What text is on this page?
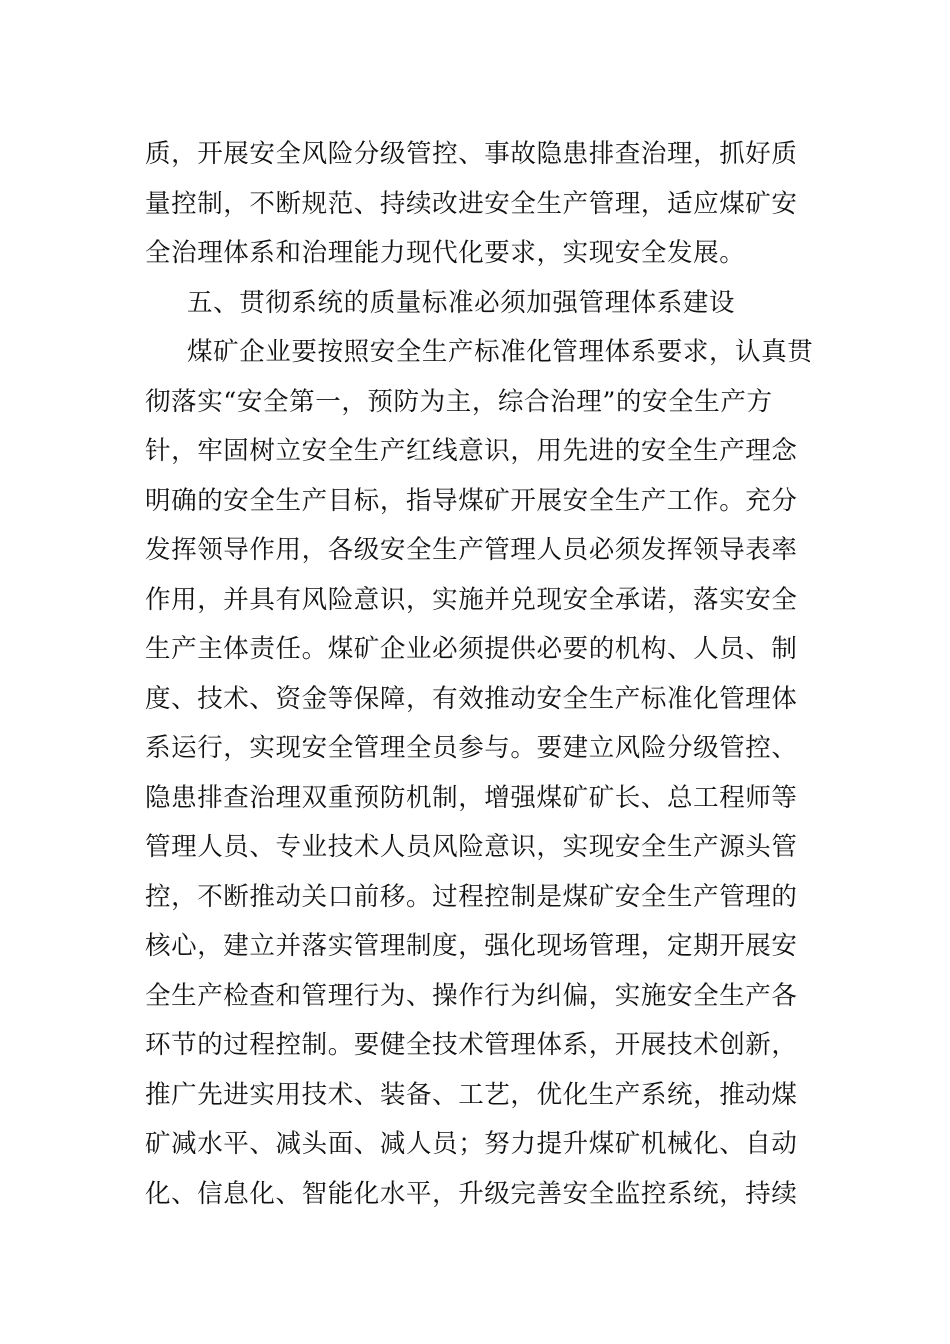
质，开展安全风险分级管控、事故隐患排查治理，抓好质
量控制，不断规范、持续改进安全生产管理，适应煤矿安
全治理体系和治理能力现代化要求，实现安全发展。
五、贯彻系统的质量标准必须加强管理体系建设
煤矿企业要按照安全生产标准化管理体系要求，认真贯
彻落实“安全第一，预防为主，综合治理”的安全生产方
针，牢固树立安全生产红线意识，用先进的安全生产理念
明确的安全生产目标，指导煤矿开展安全生产工作。充分
发挥领导作用，各级安全生产管理人员必须发挥领导表率
作用，并具有风险意识，实施并兑现安全承诺，落实安全
生产主体责任。煤矿企业必须提供必要的机构、人员、制
度、技术、资金等保障，有效推动安全生产标准化管理体
系运行，实现安全管理全员参与。要建立风险分级管控、
隐患排查治理双重预防机制，增强煤矿矿长、总工程师等
管理人员、专业技术人员风险意识，实现安全生产源头管
控，不断推动关口前移。过程控制是煤矿安全生产管理的
核心，建立并落实管理制度，强化现场管理，定期开展安
全生产检查和管理行为、操作行为纠偏，实施安全生产各
环节的过程控制。要健全技术管理体系，开展技术创新，
推广先进实用技术、装备、工艺，优化生产系统，推动煤
矿减水平、减头面、减人员；努力提升煤矿机械化、自动
化、信息化、智能化水平，升级完善安全监控系统，持续
